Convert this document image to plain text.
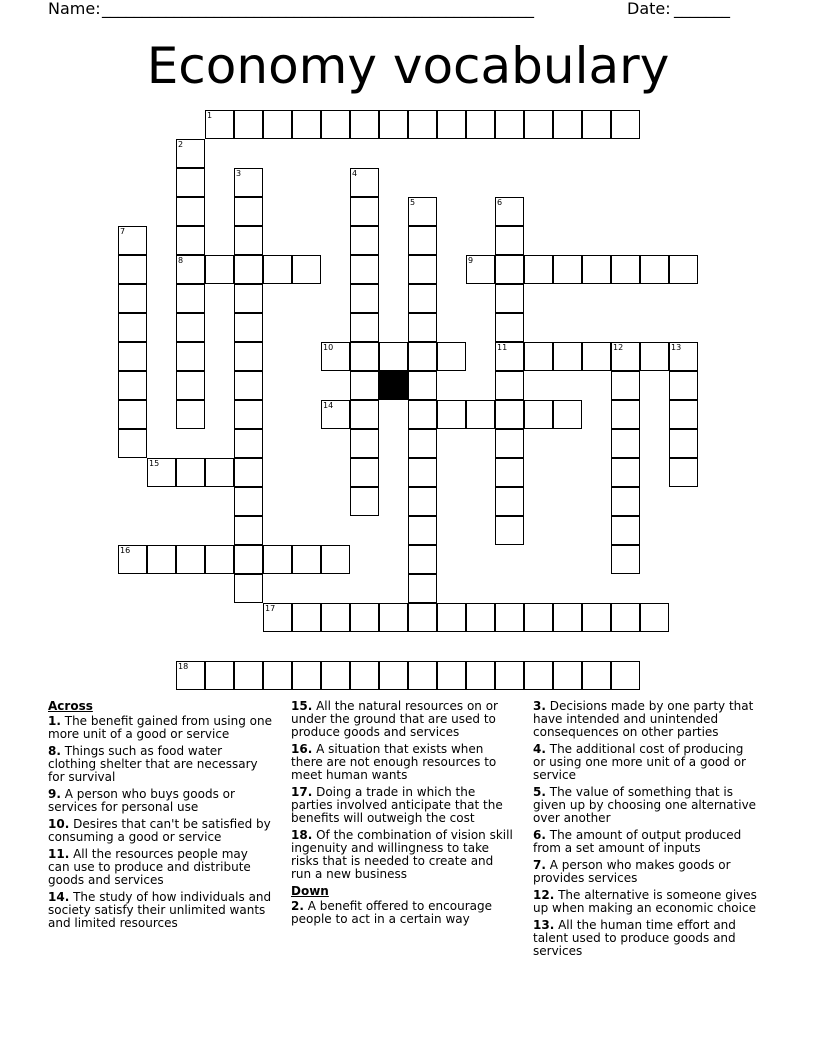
Name: ______________________________________________________	Date: _______
Economy vocabulary
1
2
3	4
5	6
7
8	9
10	11	12	13
14
15
16
17
18
Across
1. The benefit gained from using one more unit of a good or service
8. Things such as food water clothing shelter that are necessary for survival
9. A person who buys goods or services for personal use
10. Desires that can't be satisfied by consuming a good or service
11. All the resources people may can use to produce and distribute goods and services
14. The study of how individuals and society satisfy their unlimited wants and limited resources
15. All the natural resources on or under the ground that are used to produce goods and services
16. A situation that exists when there are not enough resources to meet human wants
17. Doing a trade in which the parties involved anticipate that the benefits will outweigh the cost
18. Of the combination of vision skill ingenuity and willingness to take risks that is needed to create and run a new business
Down
2. A benefit offered to encourage people to act in a certain way
3. Decisions made by one party that have intended and unintended consequences on other parties
4. The additional cost of producing or using one more unit of a good or service
5. The value of something that is given up by choosing one alternative over another
6. The amount of output produced from a set amount of inputs
7. A person who makes goods or provides services
12. The alternative is someone gives up when making an economic choice
13. All the human time effort and talent used to produce goods and services
